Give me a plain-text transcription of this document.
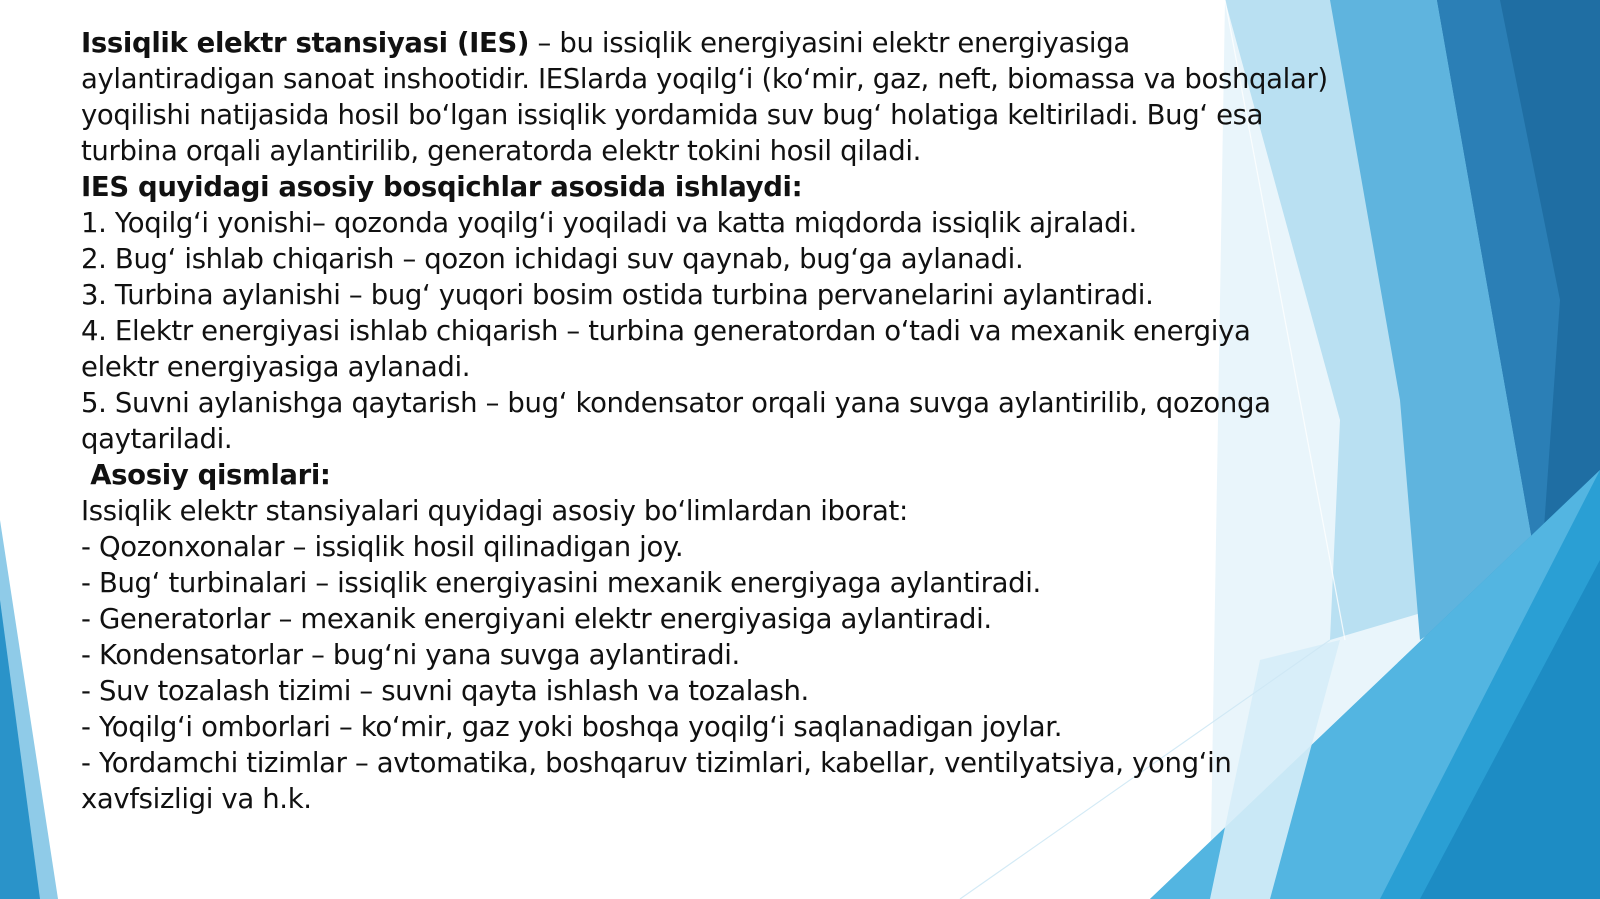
Issiqlik elektr stansiyasi (IES) – bu issiqlik energiyasini elektr energiyasiga
aylantiradigan sanoat inshootidir. IESlarda yoqilg‘i (ko‘mir, gaz, neft, biomassa va boshqalar)
yoqilishi natijasida hosil bo‘lgan issiqlik yordamida suv bug‘ holatiga keltiriladi. Bug‘ esa
turbina orqali aylantirilib, generatorda elektr tokini hosil qiladi.
IES quyidagi asosiy bosqichlar asosida ishlaydi:
1. Yoqilg‘i yonishi– qozonda yoqilg‘i yoqiladi va katta miqdorda issiqlik ajraladi.
2. Bug‘ ishlab chiqarish – qozon ichidagi suv qaynab, bug‘ga aylanadi.
3. Turbina aylanishi – bug‘ yuqori bosim ostida turbina pervanelarini aylantiradi.
4. Elektr energiyasi ishlab chiqarish – turbina generatordan o‘tadi va mexanik energiya
elektr energiyasiga aylanadi.
5. Suvni aylanishga qaytarish – bug‘ kondensator orqali yana suvga aylantirilib, qozonga
qaytariladi.
Asosiy qismlari:
Issiqlik elektr stansiyalari quyidagi asosiy bo‘limlardan iborat:
- Qozonxonalar – issiqlik hosil qilinadigan joy.
- Bug‘ turbinalari – issiqlik energiyasini mexanik energiyaga aylantiradi.
- Generatorlar – mexanik energiyani elektr energiyasiga aylantiradi.
- Kondensatorlar – bug‘ni yana suvga aylantiradi.
- Suv tozalash tizimi – suvni qayta ishlash va tozalash.
- Yoqilg‘i omborlari – ko‘mir, gaz yoki boshqa yoqilg‘i saqlanadigan joylar.
- Yordamchi tizimlar – avtomatika, boshqaruv tizimlari, kabellar, ventilyatsiya, yong‘in
xavfsizligi va h.k.
